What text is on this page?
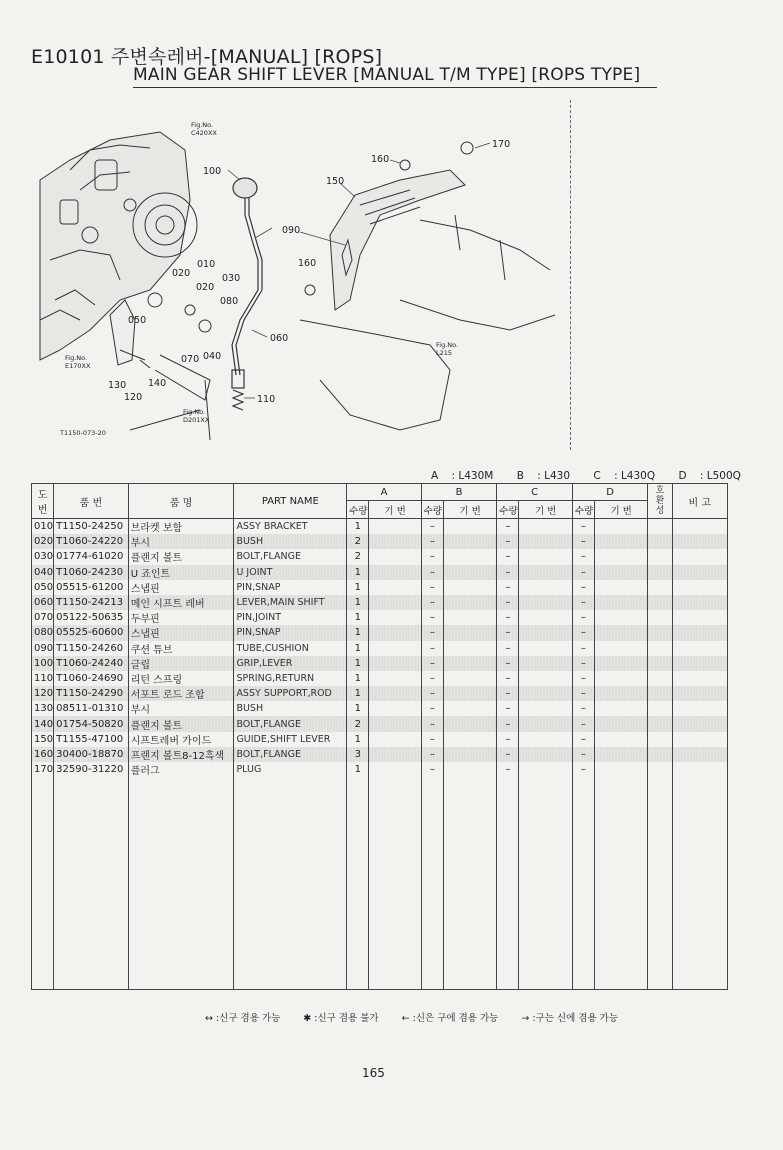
E10101 주변속레버-[MANUAL] [ROPS]
MAIN GEAR SHIFT LEVER [MANUAL T/M TYPE] [ROPS TYPE]
100
010
020	030
020
080
050
070 040
060
130 140
120	110
090
160
150
160
170
Fig.No. C420XX
Fig.No. E170XX
Fig.No. D201XX
Fig.No. L215
T1150-073-20
A : L430M B : L430 C : L430Q D : L500Q
도
번	품 번	품 명	PART NAME	A		B		C		D		호
환
성	비 고
				수량	기 번	수량	기 번	수량	기 번	수량	기 번		
010	T1150-24250	브라켓 보함	ASSY BRACKET	1		–		–		–			
020	T1060-24220	부시	BUSH	2		–		–		–			
030	01774-61020	플랜지 볼트	BOLT,FLANGE	2		–		–		–			
040	T1060-24230	U 죠인트	U JOINT	1		–		–		–			
050	05515-61200	스냅핀	PIN,SNAP	1		–		–		–			
060	T1150-24213	메인 시프트 레버	LEVER,MAIN SHIFT	1		–		–		–			
070	05122-50635	두부핀	PIN,JOINT	1		–		–		–			
080	05525-60600	스냅핀	PIN,SNAP	1		–		–		–			
090	T1150-24260	쿠션 튜브	TUBE,CUSHION	1		–		–		–			
100	T1060-24240	글립	GRIP,LEVER	1		–		–		–			
110	T1060-24690	리턴 스프링	SPRING,RETURN	1		–		–		–			
120	T1150-24290	서포트 로드 조합	ASSY SUPPORT,ROD	1		–		–		–			
130	08511-01310	부시	BUSH	1		–		–		–			
140	01754-50820	플랜지 볼트	BOLT,FLANGE	2		–		–		–			
150	T1155-47100	시프트레버 가이드	GUIDE,SHIFT LEVER	1		–		–		–			
160	30400-18870	프랜지 볼트8-12흑색	BOLT,FLANGE	3		–		–		–			
170	32590-31220	플러그	PLUG	1		–		–		–			

↔ :신구 겸용 가능 ✱ :신구 겸용 불가 ← :신은 구에 겸용 가능 → :구는 신에 겸용 가능
165
